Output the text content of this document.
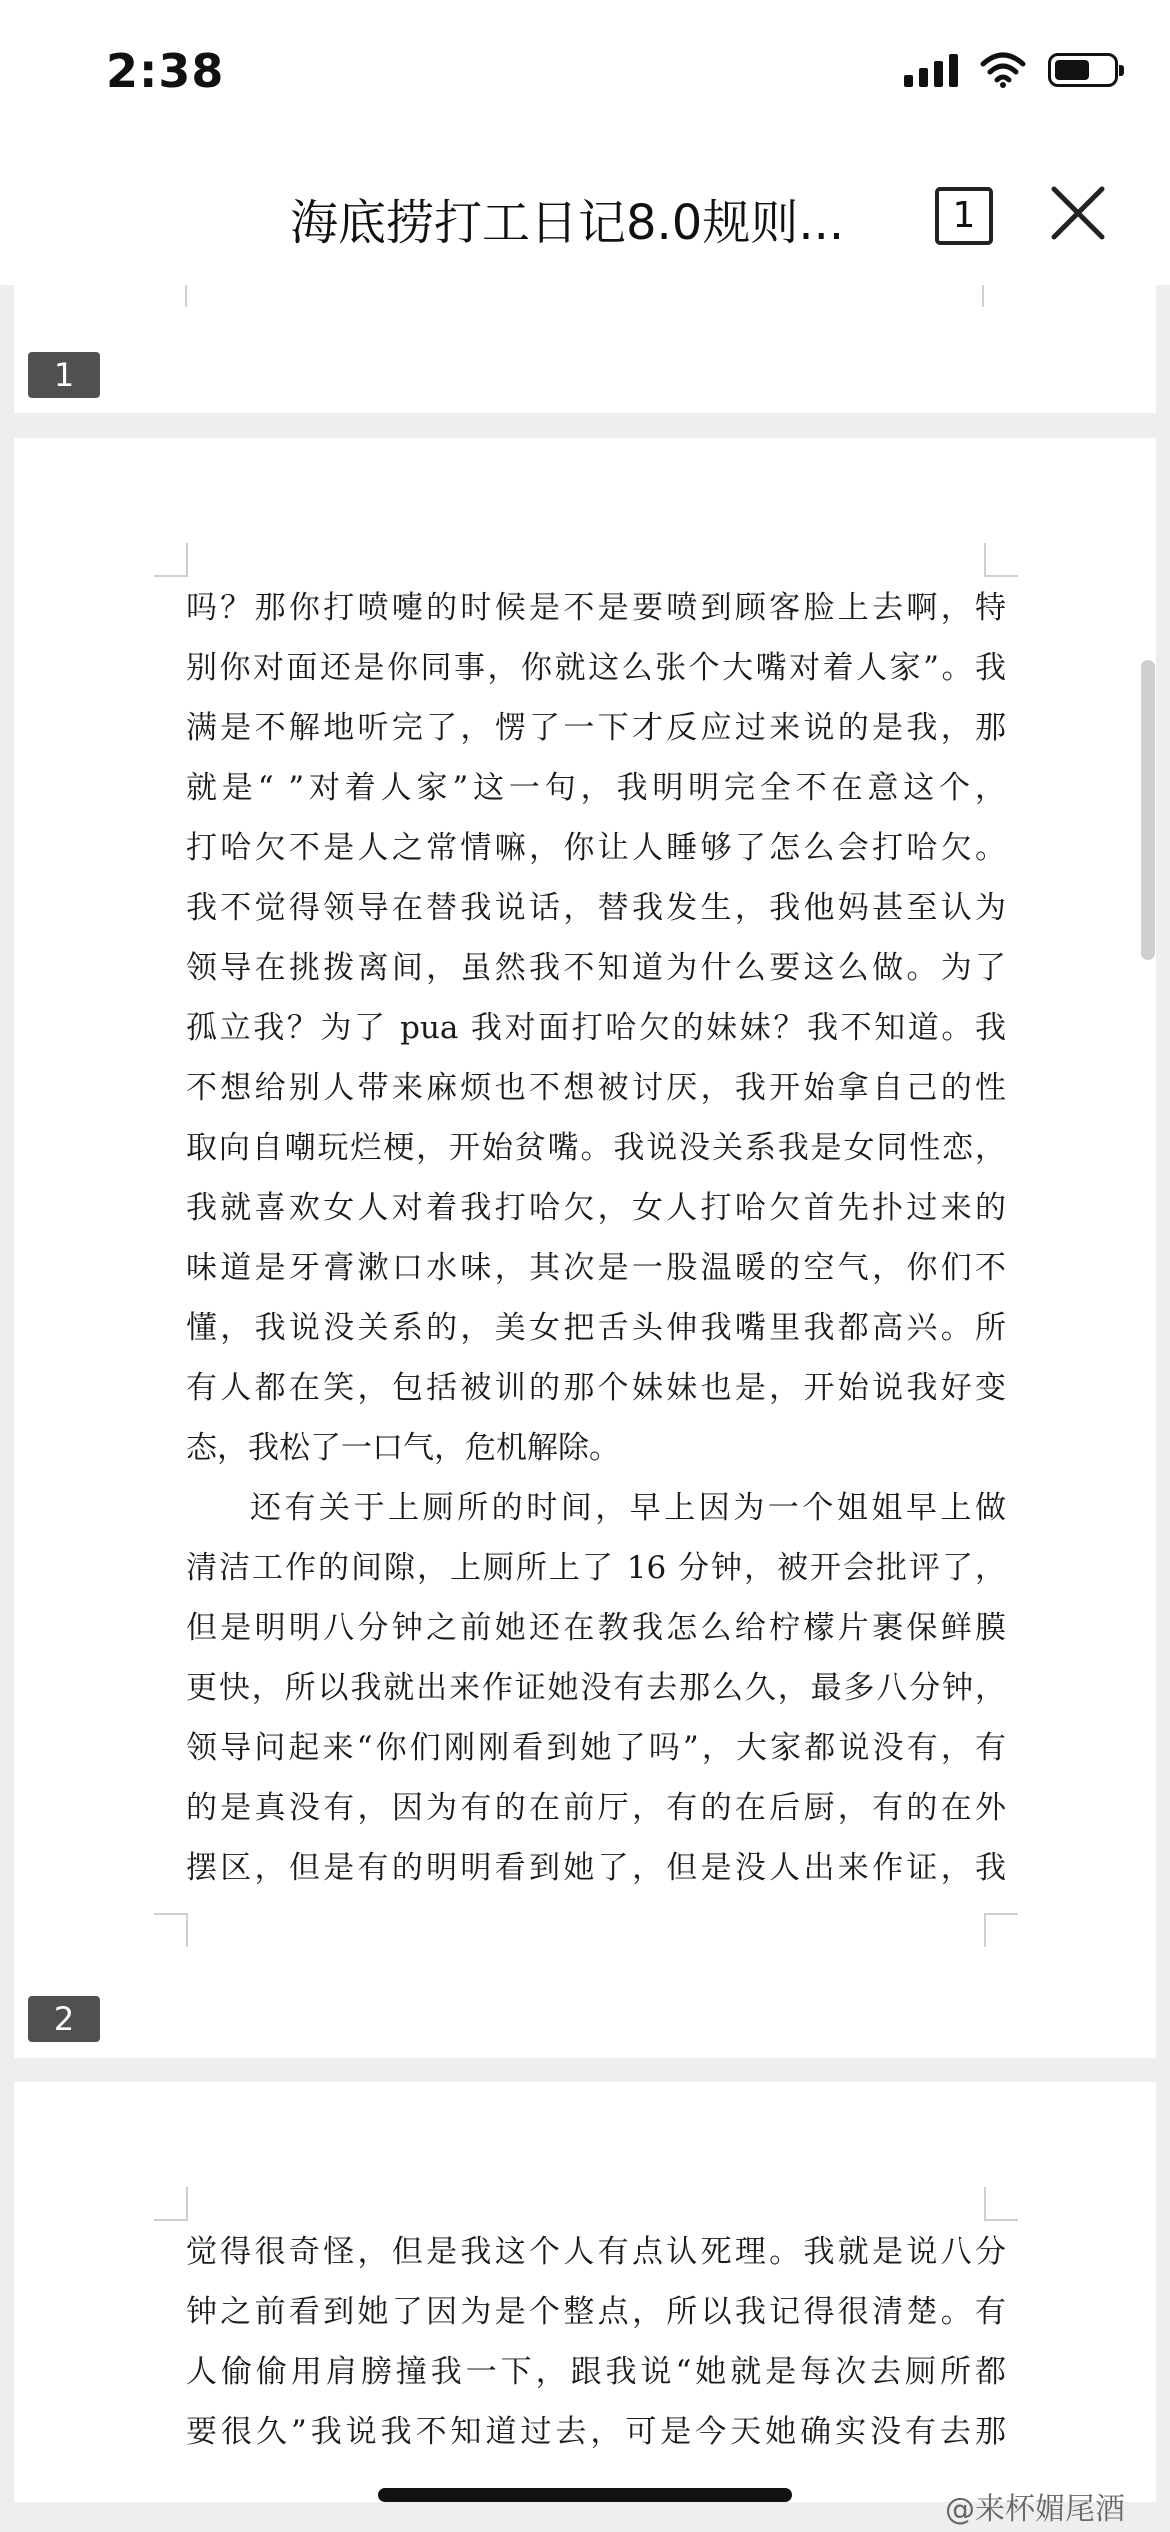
2:38
海底捞打工日记8.0规则...	1
1
吗？那你打喷嚏的时候是不是要喷到顾客脸上去啊，特
别你对面还是你同事，你就这么张个大嘴对着人家”。我
满是不解地听完了，愣了一下才反应过来说的是我，那
就是“ ”对着人家”这一句，我明明完全不在意这个，
打哈欠不是人之常情嘛，你让人睡够了怎么会打哈欠。
我不觉得领导在替我说话，替我发生，我他妈甚至认为
领导在挑拨离间，虽然我不知道为什么要这么做。为了
孤立我？为了 pua 我对面打哈欠的妹妹？我不知道。我
不想给别人带来麻烦也不想被讨厌，我开始拿自己的性
取向自嘲玩烂梗，开始贫嘴。我说没关系我是女同性恋，
我就喜欢女人对着我打哈欠，女人打哈欠首先扑过来的
味道是牙膏漱口水味，其次是一股温暖的空气，你们不
懂，我说没关系的，美女把舌头伸我嘴里我都高兴。所
有人都在笑，包括被训的那个妹妹也是，开始说我好变
态，我松了一口气，危机解除。
还有关于上厕所的时间，早上因为一个姐姐早上做
清洁工作的间隙，上厕所上了 16 分钟，被开会批评了，
但是明明八分钟之前她还在教我怎么给柠檬片裹保鲜膜
更快，所以我就出来作证她没有去那么久，最多八分钟，
领导问起来“你们刚刚看到她了吗”，大家都说没有，有
的是真没有，因为有的在前厅，有的在后厨，有的在外
摆区，但是有的明明看到她了，但是没人出来作证，我
2
觉得很奇怪，但是我这个人有点认死理。我就是说八分
钟之前看到她了因为是个整点，所以我记得很清楚。有
人偷偷用肩膀撞我一下，跟我说“她就是每次去厕所都
要很久”我说我不知道过去，可是今天她确实没有去那
@来杯媚尾酒
